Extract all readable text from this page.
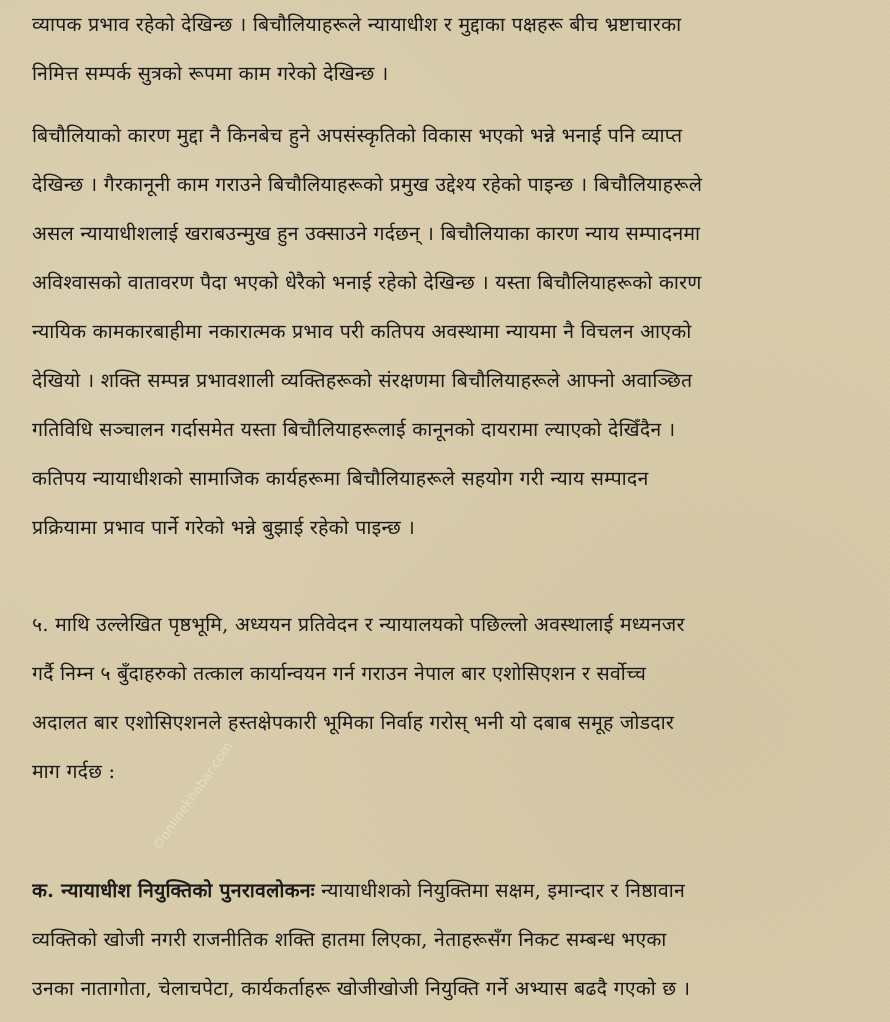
व्यापक प्रभाव रहेको देखिन्छ । बिचौलियाहरूले न्यायाधीश र मुद्दाका पक्षहरू बीच भ्रष्टाचारका
निमित्त सम्पर्क सुत्रको रूपमा काम गरेको देखिन्छ ।
बिचौलियाको कारण मुद्दा नै किनबेच हुने अपसंस्कृतिको विकास भएको भन्ने भनाई पनि व्याप्त
देखिन्छ । गैरकानूनी काम गराउने बिचौलियाहरूको प्रमुख उद्देश्य रहेको पाइन्छ । बिचौलियाहरूले
असल न्यायाधीशलाई खराबउन्मुख हुन उक्साउने गर्दछन् । बिचौलियाका कारण न्याय सम्पादनमा
अविश्वासको वातावरण पैदा भएको धेरैको भनाई रहेको देखिन्छ । यस्ता बिचौलियाहरूको कारण
न्यायिक कामकारबाहीमा नकारात्मक प्रभाव परी कतिपय अवस्थामा न्यायमा नै विचलन आएको
देखियो । शक्ति सम्पन्न प्रभावशाली व्यक्तिहरूको संरक्षणमा बिचौलियाहरूले आफ्नो अवाञ्छित
गतिविधि सञ्चालन गर्दासमेत यस्ता बिचौलियाहरूलाई कानूनको दायरामा ल्याएको देखिँदैन ।
कतिपय न्यायाधीशको सामाजिक कार्यहरूमा बिचौलियाहरूले सहयोग गरी न्याय सम्पादन
प्रक्रियामा प्रभाव पार्ने गरेको भन्ने बुझाई रहेको पाइन्छ ।
५. माथि उल्लेखित पृष्ठभूमि, अध्ययन प्रतिवेदन र न्यायालयको पछिल्लो अवस्थालाई मध्यनजर
गर्दै निम्न ५ बुँदाहरुको तत्काल कार्यान्वयन गर्न गराउन नेपाल बार एशोसिएशन र सर्वोच्च
अदालत बार एशोसिएशनले हस्तक्षेपकारी भूमिका निर्वाह गरोस् भनी यो दबाब समूह जोडदार
माग गर्दछ :
क. न्यायाधीश नियुक्तिको पुनरावलोकनः न्यायाधीशको नियुक्तिमा सक्षम, इमान्दार र निष्ठावान
व्यक्तिको खोजी नगरी राजनीतिक शक्ति हातमा लिएका, नेताहरूसँग निकट सम्बन्ध भएका
उनका नातागोता, चेलाचपेटा, कार्यकर्ताहरू खोजीखोजी नियुक्ति गर्ने अभ्यास बढदै गएको छ ।
©onlinekhabar.com
